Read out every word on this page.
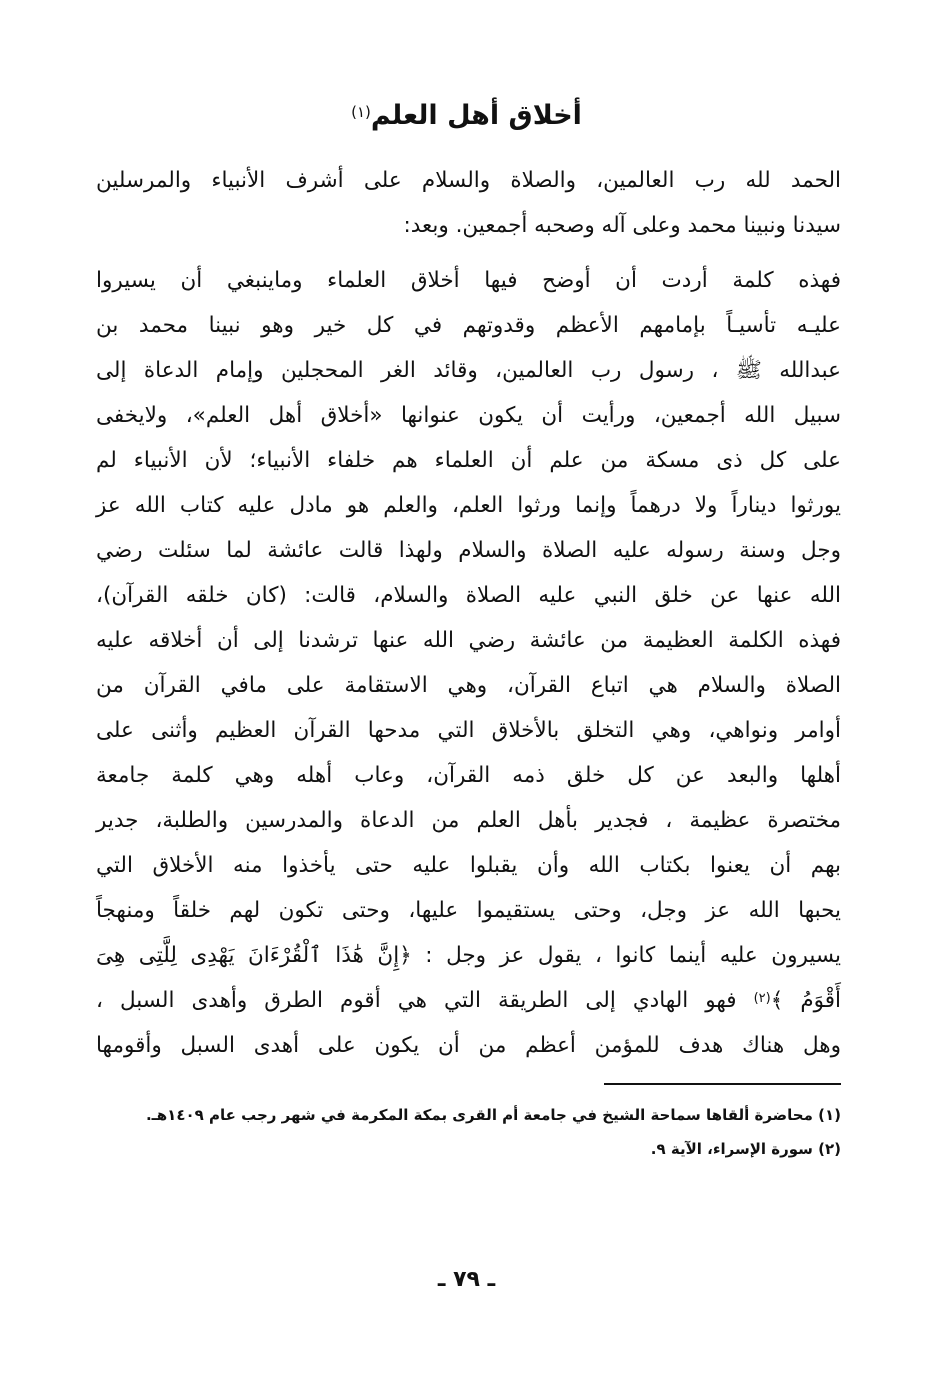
أخلاق أهل العلم$^{(١)}$
الحمد لله رب العالمين، والصلاة والسلام على أشرف الأنبياء والمرسلين
سيدنا ونبينا محمد وعلى آله وصحبه أجمعين. وبعد:
فهذه كلمة أردت أن أوضح فيها أخلاق العلماء وماينبغي أن يسيروا
عليـه تأسيـاً بإمامهم الأعظم وقدوتهم في كل خير وهو نبينا محمد بن
عبدالله ﷺ ، رسول رب العالمين، وقائد الغر المحجلين وإمام الدعاة إلى
سبيل الله أجمعين، ورأيت أن يكون عنوانها «أخلاق أهل العلم»، ولايخفى
على كل ذى مسكة من علم أن العلماء هم خلفاء الأنبياء؛ لأن الأنبياء لم
يورثوا ديناراً ولا درهماً وإنما ورثوا العلم، والعلم هو مادل عليه كتاب الله عز
وجل وسنة رسوله عليه الصلاة والسلام ولهذا قالت عائشة لما سئلت رضي
الله عنها عن خلق النبي عليه الصلاة والسلام، قالت: (كان خلقه القرآن)،
فهذه الكلمة العظيمة من عائشة رضي الله عنها ترشدنا إلى أن أخلاقه عليه
الصلاة والسلام هي اتباع القرآن، وهي الاستقامة على مافي القرآن من
أوامر ونواهي، وهي التخلق بالأخلاق التي مدحها القرآن العظيم وأثنى على
أهلها والبعد عن كل خلق ذمه القرآن، وعاب أهله وهي كلمة جامعة
مختصرة عظيمة ، فجدير بأهل العلم من الدعاة والمدرسين والطلبة، جدير
بهم أن يعنوا بكتاب الله وأن يقبلوا عليه حتى يأخذوا منه الأخلاق التي
يحبها الله عز وجل، وحتى يستقيموا عليها، وحتى تكون لهم خلقاً ومنهجاً
يسيرون عليه أينما كانوا ، يقول عز وجل : ﴿إِنَّ هَٰذَا ٱلْقُرْءَانَ يَهْدِى لِلَّتِى هِىَ
أَقْوَمُ ﴾$^{(٢)}$ فهو الهادي إلى الطريقة التي هي أقوم الطرق وأهدى السبل ،
وهل هناك هدف للمؤمن أعظم من أن يكون على أهدى السبل وأقومها
(١) محاضرة ألقاها سماحة الشيخ في جامعة أم القرى بمكة المكرمة في شهر رجب عام ١٤٠٩هـ.
(٢) سورة الإسراء، الآية ٩.
ـ ٧٩ ـ
